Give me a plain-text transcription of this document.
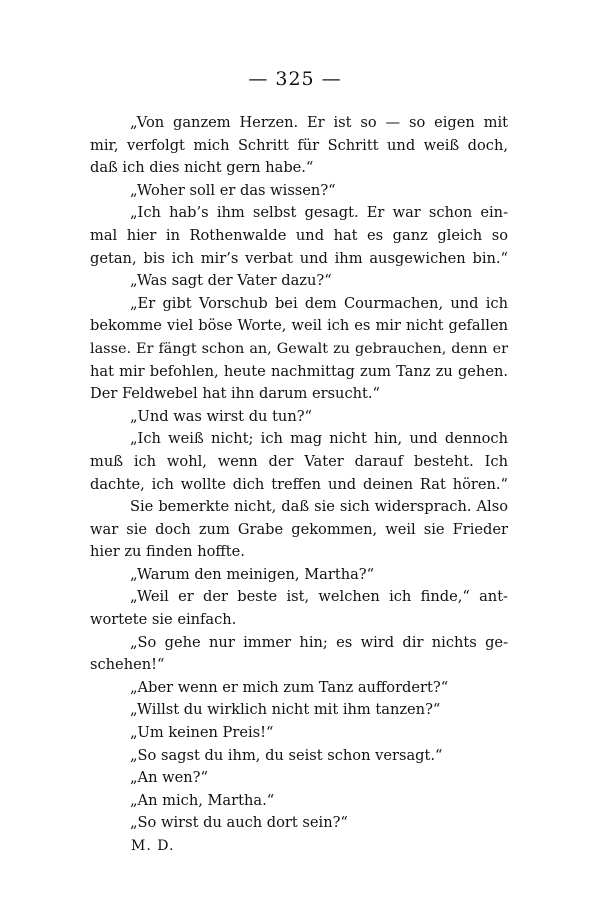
— 325 —
„Von ganzem Herzen. Er ist so — so eigen mit
mir, verfolgt mich Schritt für Schritt und weiß doch,
daß ich dies nicht gern habe.“
„Woher soll er das wissen?“
„Ich hab’s ihm selbst gesagt. Er war schon ein-
mal hier in Rothenwalde und hat es ganz gleich so
getan, bis ich mir’s verbat und ihm ausgewichen bin.“
„Was sagt der Vater dazu?“
„Er gibt Vorschub bei dem Courmachen, und ich
bekomme viel böse Worte, weil ich es mir nicht gefallen
lasse. Er fängt schon an, Gewalt zu gebrauchen, denn er
hat mir befohlen, heute nachmittag zum Tanz zu gehen.
Der Feldwebel hat ihn darum ersucht.“
„Und was wirst du tun?“
„Ich weiß nicht; ich mag nicht hin, und dennoch
muß ich wohl, wenn der Vater darauf besteht. Ich
dachte, ich wollte dich treffen und deinen Rat hören.“
Sie bemerkte nicht, daß sie sich widersprach. Also
war sie doch zum Grabe gekommen, weil sie Frieder
hier zu finden hoffte.
„Warum den meinigen, Martha?“
„Weil er der beste ist, welchen ich finde,“ ant-
wortete sie einfach.
„So gehe nur immer hin; es wird dir nichts ge-
schehen!“
„Aber wenn er mich zum Tanz auffordert?“
„Willst du wirklich nicht mit ihm tanzen?“
„Um keinen Preis!“
„So sagst du ihm, du seist schon versagt.“
„An wen?“
„An mich, Martha.“
„So wirst du auch dort sein?“
M. D.
